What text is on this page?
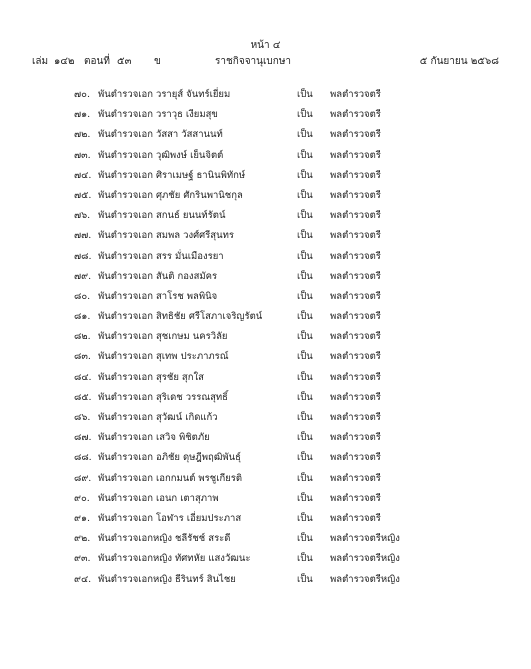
หน้า ๔
เล่ม ๑๔๒ ตอนที่ ๕๓ ข	ราชกิจจานุเบกษา	๕ กันยายน ๒๕๖๘
๗๐. พันตำรวจเอก วรายุส์ จันทร์เยี่ยม	เป็น พลตำรวจตรี
๗๑. พันตำรวจเอก วราวุธ เงียมสุข	เป็น พลตำรวจตรี
๗๒. พันตำรวจเอก วัสสา วัสสานนท์	เป็น พลตำรวจตรี
๗๓. พันตำรวจเอก วุฒิพงษ์ เย็นจิตต์	เป็น พลตำรวจตรี
๗๔. พันตำรวจเอก ศิราเมษฐ์ ธานินพิทักษ์	เป็น พลตำรวจตรี
๗๕. พันตำรวจเอก ศุภชัย ศักรินพานิชกุล	เป็น พลตำรวจตรี
๗๖. พันตำรวจเอก สกนธ์ ยนนท์รัตน์	เป็น พลตำรวจตรี
๗๗. พันตำรวจเอก สมพล วงศ์ศรีสุนทร	เป็น พลตำรวจตรี
๗๘. พันตำรวจเอก สรร มั่นเมืองรยา	เป็น พลตำรวจตรี
๗๙. พันตำรวจเอก สันติ กองสมัคร	เป็น พลตำรวจตรี
๘๐. พันตำรวจเอก สาโรช พลพินิจ	เป็น พลตำรวจตรี
๘๑. พันตำรวจเอก สิทธิชัย ศรีโสภาเจริญรัตน์	เป็น พลตำรวจตรี
๘๒. พันตำรวจเอก สุชเกษม นครวิลัย	เป็น พลตำรวจตรี
๘๓. พันตำรวจเอก สุเทพ ประภาภรณ์	เป็น พลตำรวจตรี
๘๔. พันตำรวจเอก สุรชัย สุกใส	เป็น พลตำรวจตรี
๘๕. พันตำรวจเอก สุริเดช วรรณสุทธิ์	เป็น พลตำรวจตรี
๘๖. พันตำรวจเอก สุวัฒน์ เกิดแก้ว	เป็น พลตำรวจตรี
๘๗. พันตำรวจเอก เสวิจ พิชิตภัย	เป็น พลตำรวจตรี
๘๘. พันตำรวจเอก อภิชัย ดุษฎีพฤฒิพันธุ์	เป็น พลตำรวจตรี
๘๙. พันตำรวจเอก เอกกมนต์ พรชูเกียรติ	เป็น พลตำรวจตรี
๙๐. พันตำรวจเอก เอนก เตาสุภาพ	เป็น พลตำรวจตรี
๙๑. พันตำรวจเอก โอฬาร เอี่ยมประภาส	เป็น พลตำรวจตรี
๙๒. พันตำรวจเอกหญิง ชลีรัชช์ สระดี	เป็น พลตำรวจตรีหญิง
๙๓. พันตำรวจเอกหญิง ทัศทหัย แสงวัฒนะ	เป็น พลตำรวจตรีหญิง
๙๔. พันตำรวจเอกหญิง ธีรินทร์ สินไชย	เป็น พลตำรวจตรีหญิง
